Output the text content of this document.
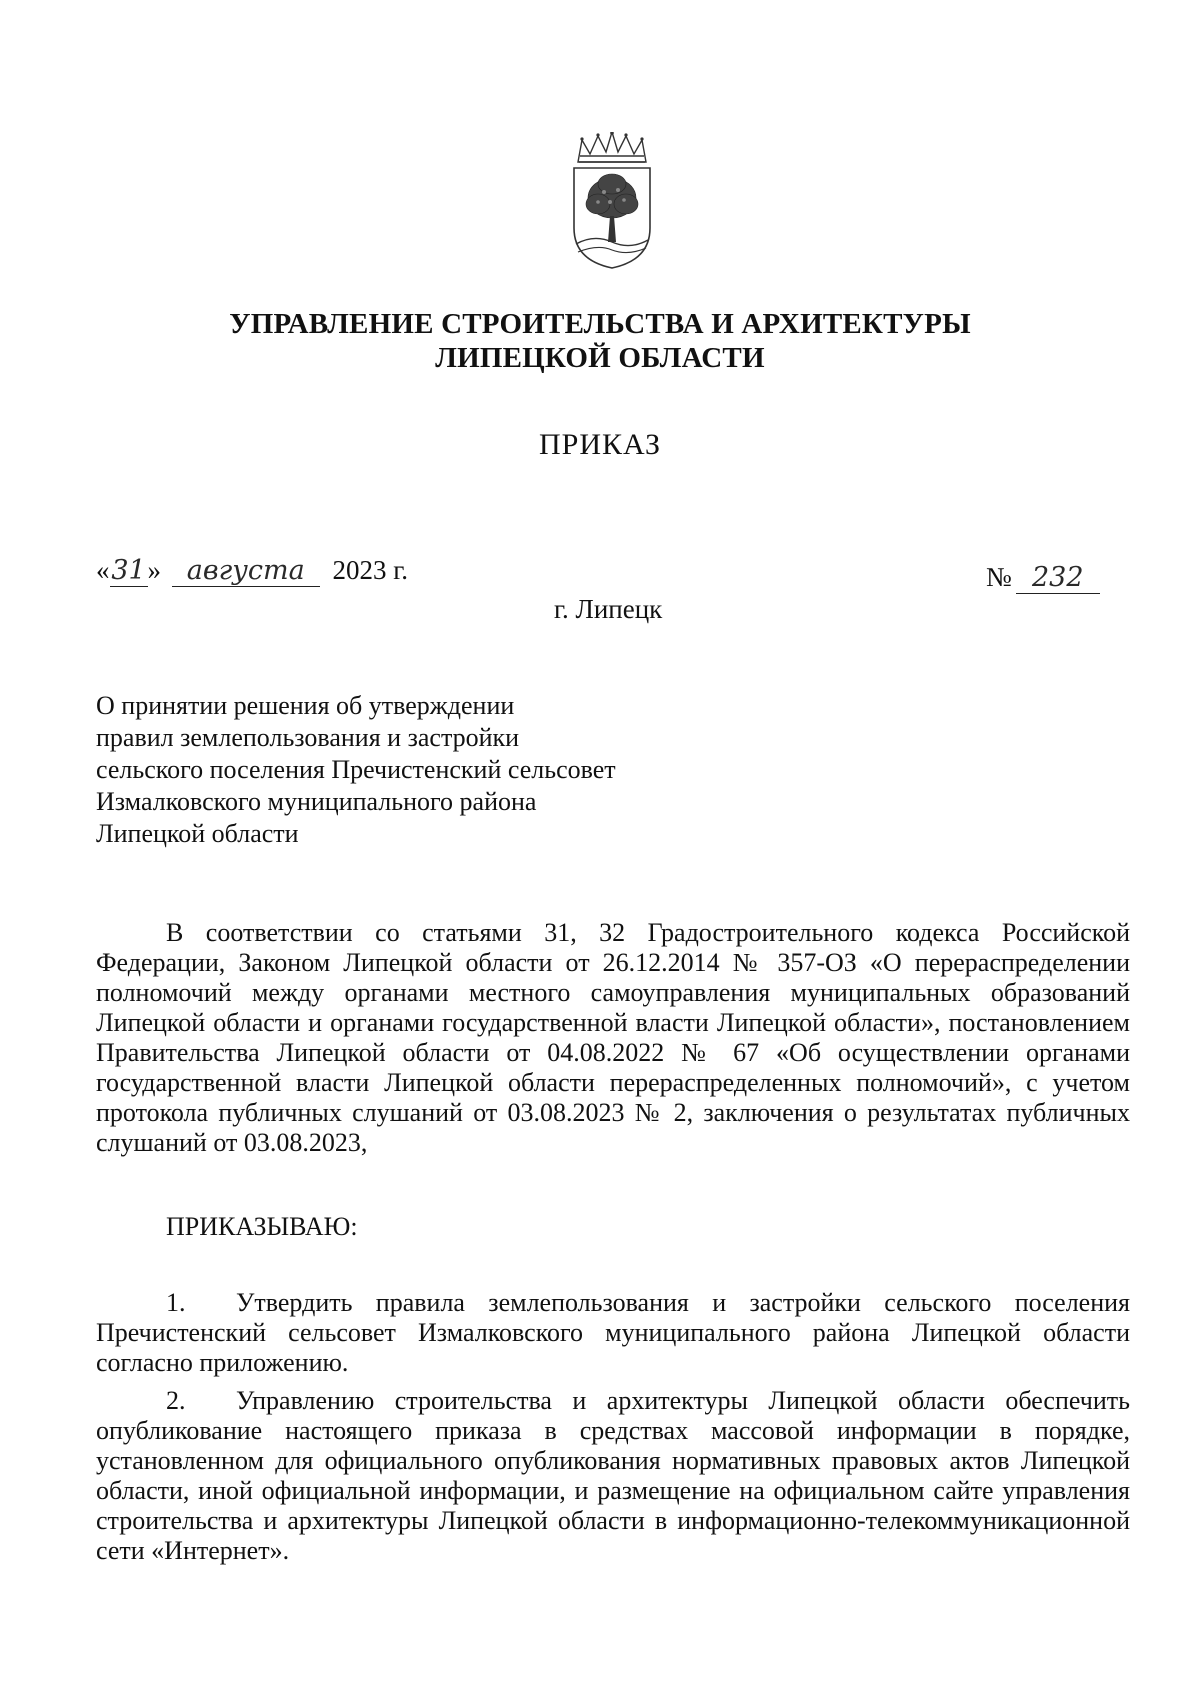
УПРАВЛЕНИЕ СТРОИТЕЛЬСТВА И АРХИТЕКТУРЫ
ЛИПЕЦКОЙ ОБЛАСТИ
ПРИКАЗ
«31» августа 2023 г.	№ 232
г. Липецк
О принятии решения об утверждении
правил землепользования и застройки
сельского поселения Пречистенский сельсовет
Измалковского муниципального района
Липецкой области
В соответствии со статьями 31, 32 Градостроительного кодекса Российской Федерации, Законом Липецкой области от 26.12.2014 № 357-ОЗ «О перераспределении полномочий между органами местного самоуправления муниципальных образований Липецкой области и органами государственной власти Липецкой области», постановлением Правительства Липецкой области от 04.08.2022 № 67 «Об осуществлении органами государственной власти Липецкой области перераспределенных полномочий», с учетом протокола публичных слушаний от 03.08.2023 № 2, заключения о результатах публичных слушаний от 03.08.2023,
ПРИКАЗЫВАЮ:
1. Утвердить правила землепользования и застройки сельского поселения Пречистенский сельсовет Измалковского муниципального района Липецкой области согласно приложению.
2. Управлению строительства и архитектуры Липецкой области обеспечить опубликование настоящего приказа в средствах массовой информации в порядке, установленном для официального опубликования нормативных правовых актов Липецкой области, иной официальной информации, и размещение на официальном сайте управления строительства и архитектуры Липецкой области в информационно-телекоммуникационной сети «Интернет».
